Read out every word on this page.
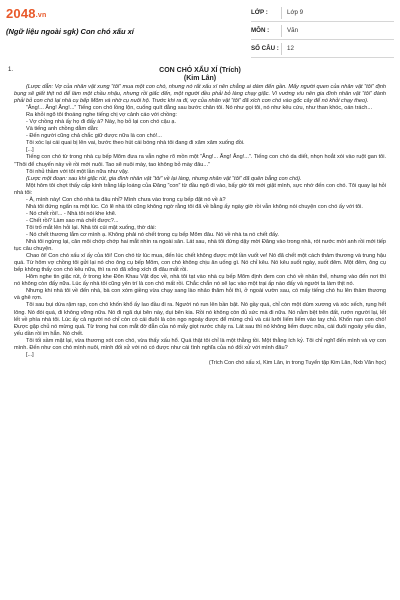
2048.vn
(Ngữ liệu ngoài sgk) Con chó xấu xí
LỚP :	Lớp 9
MÔN :	Văn
SỐ CÂU :	12
1.	CON CHÓ XẤU XÍ (Trích)

(Kim Lân)

(Lược dẫn: Vợ của nhân vật xưng “tôi” mua một con chó, nhưng nó rất xấu xí nên chẳng ai dám đến gần. Mấy người quen của nhân vật “tôi” định bụng sẽ giết thịt nó để làm một chầu nhậu, nhưng rồi giấc đến, một người đều phải bỏ làng chạy giặc. Vì vướng víu nên gia đình nhân vật “tôi” đành phải bỏ con chó lại nhà cụ bếp Mõm và nhờ cụ nuôi hộ. Trước khi ra đi, vợ của nhân vật “tôi” đã xích con chó vào gốc cây để nó khỏi chạy theo).

“Ẳng!... Ẳng! Ẳng!...” Tiếng con chó lồng lộn, cuống quít đằng sau bước chân tôi. Nó như gọi tôi, nó như kêu cứu, như than khóc, oán trách...

Ra khỏi ngõ tôi thoáng nghe tiếng chị vợ cảnh cáo với chồng:

- Vợ chồng nhà ấy họ đi đấy à? Này, họ bỏ lại con chó cậu ạ.

Và tiếng anh chồng dằm dằn:

- Đến người cũng chả chắc giữ được nữa là con chó!...

Tôi xóc lại cái quai bị lên vai, bước theo hút cái bóng nhà tôi đang đi xăm xăm xuống đồi.

[...]

Tiếng con chó từ trong nhà cụ bếp Mõm đưa ra vẫn nghe rõ mồn một “Ẳng!... Ẳng! Ẳng!...”. Tiếng con chó da diết, nhọn hoắt xói vào ruột gan tôi. “Thôi để chuyến này về rồi mới nuôi. Tao sẽ nuôi mày, tao không bỏ mày đâu...”

Tôi nhủ thầm với tôi một lần nữa như vậy.

(Lược một đoạn: sau khi giặc rút, gia đình nhân vật “tôi” về lại làng, nhưng nhân vật “tôi” đã quên bẵng con chó).

Một hôm tôi chợt thấy cấp kính trằng lấp loáng của Đăng “con” từ đầu ngõ đi vào, bấy giờ tôi mới giật mình, sực nhớ đến con chó. Tôi quay lại hỏi nhà tôi:

- À, mình này! Con chó nhà ta đâu nhỉ? Mình chưa vào trong cụ bếp đặt nó về à?

Nhà tôi đứng ngẩn ra một lúc. Có lẽ nhà tôi cũng không ngờ rằng tôi đã về bằng ấy ngày giờ rồi vẫn không nói chuyện con chó ấy với tôi.

- Nó chết rồi!... - Nhà tôi nói khe khẽ.

- Chết rồi? Làm sao mà chết được?...

Tôi trố mắt lên hỏi lại. Nhà tôi cúi mặt xuống, thờ dài:

- Nó chết thương lắm cơ mình ạ. Không phải nó chết trong cụ bếp Mõm đâu. Nó về nhà ta nó chết đấy.

Nhà tôi ngừng lại, cân môi chớp chớp hai mắt nhìn ra ngoài sân. Lát sau, nhà tôi đứng dậy mời Đăng vào trong nhà, rót nước mời anh rồi mới tiếp tục câu chuyện.

Chao ôi! Con chó xấu xí ấy của tôi! Con chó từ lúc mua, đến lúc chết không được một lần vuốt ve! Nó đã chết một cách thảm thương và trung hậu quá. Từ hôm vợ chồng tôi gửi lại nó cho ông cụ bếp Mõm, con chó không chịu ăn uống gì. Nó chỉ kêu. Nó kêu suốt ngày, suốt đêm. Một đêm, ông cụ bếp không thấy con chó kêu nữa, thì ra nó đã xổng xích đi đâu mất rồi.

Hôm nghe tin giặc rút, ở trong khe Đôn Khau Vật đọc về, nhà tôi tạt vào nhà cụ bếp Mõm định đem con chó về nhân thể, nhưng vào đến nơi thì nó không còn đấy nữa. Lúc ấy nhà tôi cũng yên trí là con chó mất rồi. Chắc chắn nó sẽ lạc vào một trại ấp nào đấy và người ta làm thịt nó.

Nhưng khi nhà tôi về đến nhà, bà con xóm giềng vừa chạy sang lào nhảo thăm hỏi thì, ở ngoài vườn sau, có mấy tiếng chó hu lên thảm thương và ghê rợn.

Tôi sau bụi dứa rậm rạp, con chó khốn khổ ấy lao đầu đi ra. Người nó run lên bần bật. Nó gầy quá, chỉ còn một dúm xương và xóc xếch, rụng hết lông. Nó đói quá, đi không vững nữa. Nó đi ngã dụi bên này, dụi bên kia. Rồi nó không còn đủ sức mà đi nữa. Nó nằm bệt trên đất, rướn người lại, lết lết về phía nhà tôi. Lúc ấy cả người nó chỉ còn có cái đuôi là còn ngo ngoáy được để mừng chủ và cái lưỡi liếm liếm vào tay chủ. Khốn nạn con chó! Được gặp chủ nó mừng quá. Từ trong hai con mắt đờ đẫn của nó mấy giọt nước chảy ra. Lát sau thì nó không liếm được nữa, cái đuôi ngoáy yếu dần, yếu dần rồi im hẳn. Nó chết.

Tôi tối sầm mặt lại, vừa thương xót con chó, vừa thấy xấu hổ. Quá thật tôi chỉ là một thằng tồi. Một thằng ích kỷ. Tôi chỉ nghĩ đến mình và vợ con mình. Đến như con chó mình nuôi, mình đối xử với nó có được như cái tình nghĩa của nó đối xử với mình đâu?

[...]

(Trích Con chó xấu xí, Kim Lân, in trong Tuyển tập Kim Lân, Nxb Văn học)
